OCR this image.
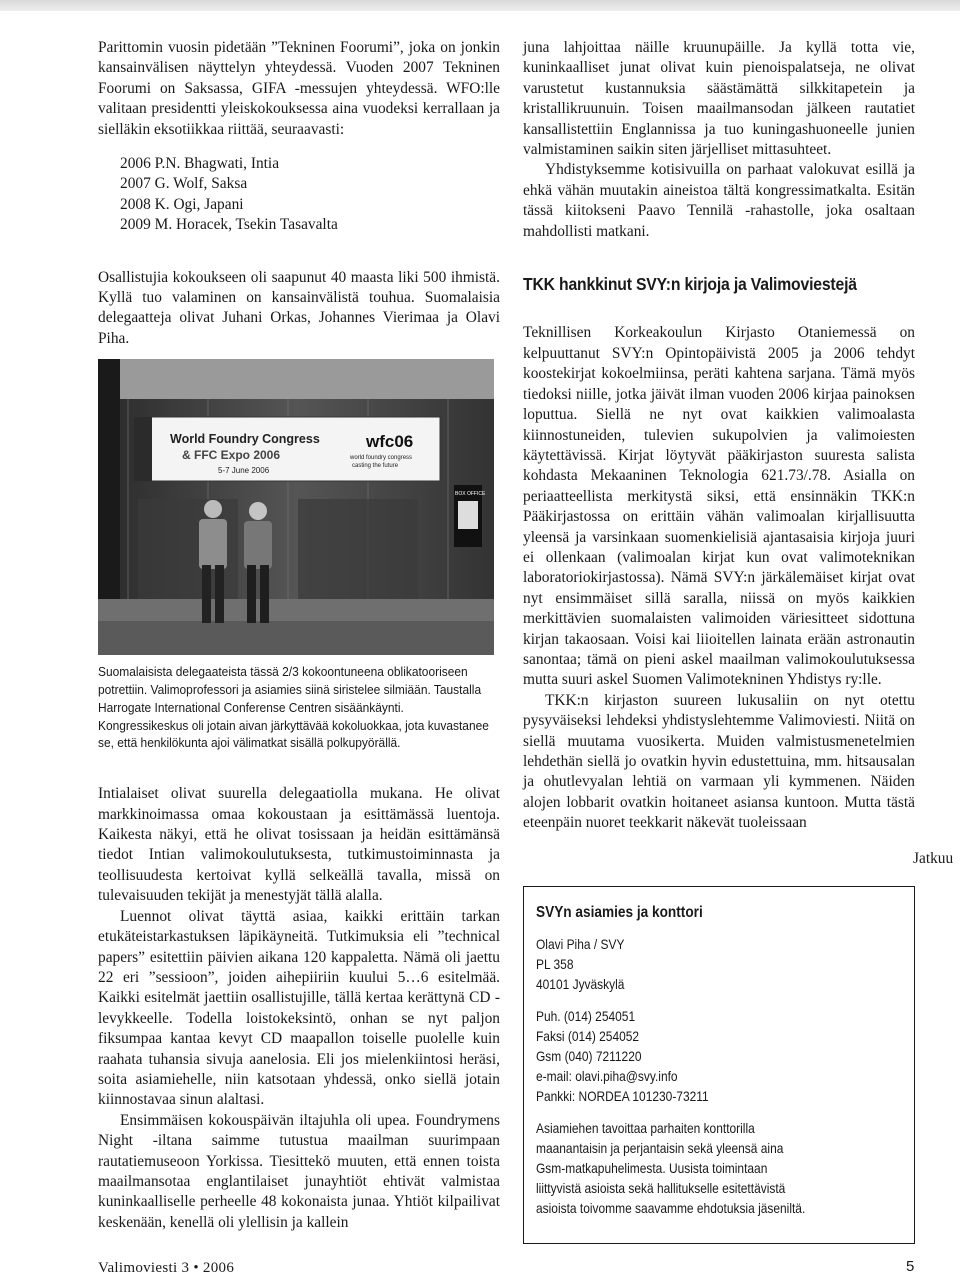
Parittomin vuosin pidetään ”Tekninen Foorumi”, joka on jonkin kansainvälisen näyttelyn yhteydessä. Vuoden 2007 Tekninen Foorumi on Saksassa, GIFA -messujen yhteydessä. WFO:lle valitaan presidentti yleiskokouksessa aina vuodeksi kerrallaan ja sielläkin eksotiikkaa riittää, seuraavasti:

2006 P.N. Bhagwati, Intia
2007 G. Wolf, Saksa
2008 K. Ogi, Japani
2009 M. Horacek, Tsekin Tasavalta

Osallistujia kokoukseen oli saapunut 40 maasta liki 500 ihmistä. Kyllä tuo valaminen on kansainvälistä touhua. Suomalaisia delegaatteja olivat Juhani Orkas, Johannes Vierimaa ja Olavi Piha.

World Foundry Congress
& FFC Expo 2006
5-7 June 2006
wfc06
world foundry congress
casting the future
BOX OFFICE
Suomalaisista delegaateista tässä 2/3 kokoontuneena oblikatooriseen potrettiin. Valimoprofessori ja asiamies siinä siristelee silmiään. Taustalla Harrogate International Conferense Centren sisäänkäynti. Kongressikeskus oli jotain aivan järkyttävää kokoluokkaa, jota kuvastanee se, että henkilökunta ajoi välimatkat sisällä polkupyörällä.

Intialaiset olivat suurella delegaatiolla mukana. He olivat markkinoimassa omaa kokoustaan ja esittämässä luentoja. Kaikesta näkyi, että he olivat tosissaan ja heidän esittämänsä tiedot Intian valimokoulutuksesta, tutkimustoiminnasta ja teollisuudesta kertoivat kyllä selkeällä tavalla, missä on tulevaisuuden tekijät ja menestyjät tällä alalla.

Luennot olivat täyttä asiaa, kaikki erittäin tarkan etukäteistarkastuksen läpikäyneitä. Tutkimuksia eli ”technical papers” esitettiin päivien aikana 120 kappaletta. Nämä oli jaettu 22 eri ”sessioon”, joiden aihepiiriin kuului 5…6 esitelmää. Kaikki esitelmät jaettiin osallistujille, tällä kertaa kerättynä CD -levykkeelle. Todella loistokeksintö, onhan se nyt paljon fiksumpaa kantaa kevyt CD maapallon toiselle puolelle kuin raahata tuhansia sivuja aanelosia. Eli jos mielenkiintosi heräsi, soita asiamiehelle, niin katsotaan yhdessä, onko siellä jotain kiinnostavaa sinun alaltasi.

Ensimmäisen kokouspäivän iltajuhla oli upea. Foundrymens Night -iltana saimme tutustua maailman suurimpaan rautatiemuseoon Yorkissa. Tiesittekö muuten, että ennen toista maailmansotaa englantilaiset junayhtiöt ehtivät valmistaa kuninkaalliselle perheelle 48 kokonaista junaa. Yhtiöt kilpailivat keskenään, kenellä oli ylellisin ja kallein

juna lahjoittaa näille kruunupäille. Ja kyllä totta vie, kuninkaalliset junat olivat kuin pienoispalatseja, ne olivat varustetut kustannuksia säästämättä silkkitapetein ja kristallikruunuin. Toisen maailmansodan jälkeen rautatiet kansallistettiin Englannissa ja tuo kuningashuoneelle junien valmistaminen saikin siten järjelliset mittasuhteet.

Yhdistyksemme kotisivuilla on parhaat valokuvat esillä ja ehkä vähän muutakin aineistoa tältä kongressimatkalta. Esitän tässä kiitokseni Paavo Tennilä -rahastolle, joka osaltaan mahdollisti matkani.

TKK hankkinut SVY:n kirjoja ja Valimoviestejä

Teknillisen Korkeakoulun Kirjasto Otaniemessä on kelpuuttanut SVY:n Opintopäivistä 2005 ja 2006 tehdyt koostekirjat kokoelmiinsa, peräti kahtena sarjana. Tämä myös tiedoksi niille, jotka jäivät ilman vuoden 2006 kirjaa painoksen loputtua. Siellä ne nyt ovat kaikkien valimoalasta kiinnostuneiden, tulevien sukupolvien ja valimoiesten käytettävissä. Kirjat löytyvät pääkirjaston suuresta salista kohdasta Mekaaninen Teknologia 621.73/.78. Asialla on periaatteellista merkitystä siksi, että ensinnäkin TKK:n Pääkirjastossa on erittäin vähän valimoalan kirjallisuutta yleensä ja varsinkaan suomenkielisiä ajantasaisia kirjoja juuri ei ollenkaan (valimoalan kirjat kun ovat valimoteknikan laboratoriokirjastossa). Nämä SVY:n järkälemäiset kirjat ovat nyt ensimmäiset sillä saralla, niissä on myös kaikkien merkittävien suomalaisten valimoiden väriesitteet sidottuna kirjan takaosaan. Voisi kai liioitellen lainata erään astronautin sanontaa; tämä on pieni askel maailman valimokoulutuksessa mutta suuri askel Suomen Valimotekninen Yhdistys ry:lle.

TKK:n kirjaston suureen lukusaliin on nyt otettu pysyväiseksi lehdeksi yhdistyslehtemme Valimoviesti. Niitä on siellä muutama vuosikerta. Muiden valmistusmenetelmien lehdethän siellä jo ovatkin hyvin edustettuina, mm. hitsausalan ja ohutlevyalan lehtiä on varmaan yli kymmenen. Näiden alojen lobbarit ovatkin hoitaneet asiansa kuntoon. Mutta tästä eteenpäin nuoret teekkarit näkevät tuoleissaan

Jatkuu
SVYn asiamies ja konttori
Olavi Piha / SVY
PL 358
40101 Jyväskylä
Puh. (014) 254051
Faksi (014) 254052
Gsm (040) 7211220
e-mail: olavi.piha@svy.info
Pankki: NORDEA 101230-73211
Asiamiehen tavoittaa parhaiten konttorilla
maanantaisin ja perjantaisin sekä yleensä aina
Gsm-matkapuhelimesta. Uusista toimintaan
liittyvistä asioista sekä hallitukselle esitettävistä
asioista toivomme saavamme ehdotuksia jäseniltä.
Valimoviesti 3 • 2006	5
